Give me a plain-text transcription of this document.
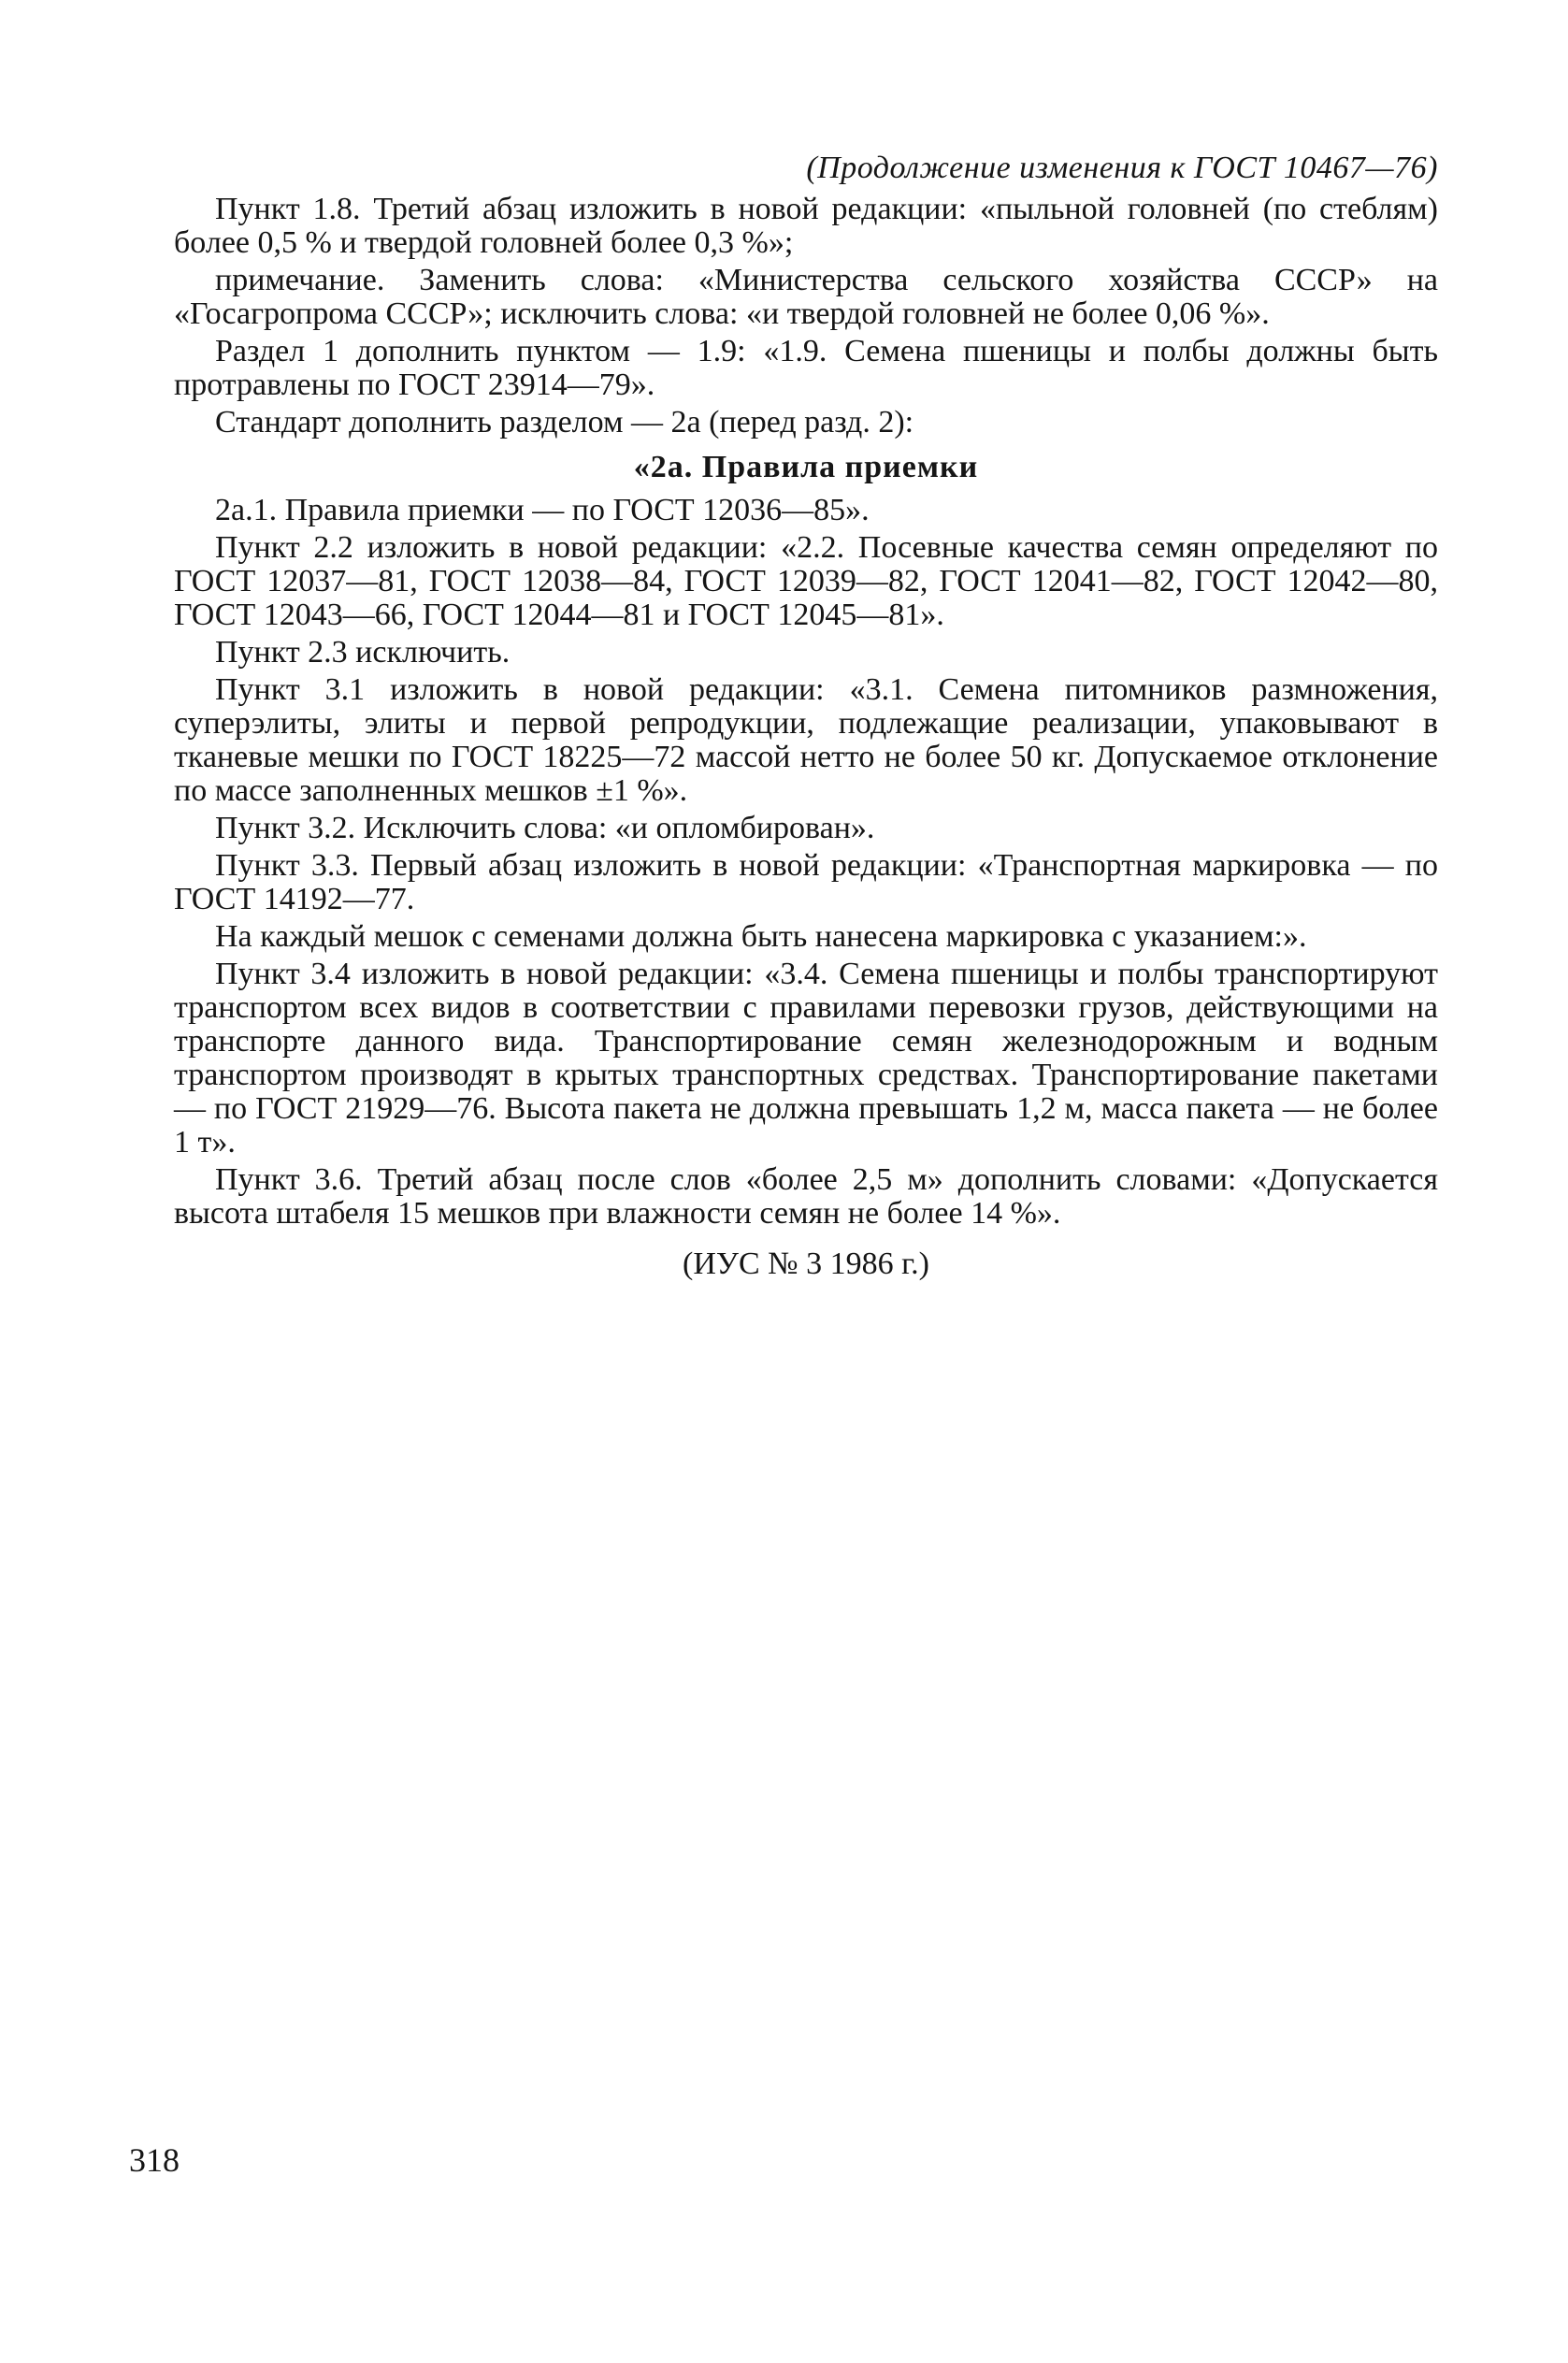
(Продолжение изменения к ГОСТ 10467—76)

Пункт 1.8. Третий абзац изложить в новой редакции: «пыльной головней (по стеблям) более 0,5 % и твердой головней более 0,3 %»;

примечание. Заменить слова: «Министерства сельского хозяйства СССР» на «Госагропрома СССР»; исключить слова: «и твердой головней не более 0,06 %».

Раздел 1 дополнить пунктом — 1.9: «1.9. Семена пшеницы и полбы должны быть протравлены по ГОСТ 23914—79».

Стандарт дополнить разделом — 2а (перед разд. 2):

«2а. Правила приемки

2а.1. Правила приемки — по ГОСТ 12036—85».

Пункт 2.2 изложить в новой редакции: «2.2. Посевные качества семян определяют по ГОСТ 12037—81, ГОСТ 12038—84, ГОСТ 12039—82, ГОСТ 12041—82, ГОСТ 12042—80, ГОСТ 12043—66, ГОСТ 12044—81 и ГОСТ 12045—81».

Пункт 2.3 исключить.

Пункт 3.1 изложить в новой редакции: «3.1. Семена питомников размножения, суперэлиты, элиты и первой репродукции, подлежащие реализации, упаковывают в тканевые мешки по ГОСТ 18225—72 массой нетто не более 50 кг. Допускаемое отклонение по массе заполненных мешков ±1 %».

Пункт 3.2. Исключить слова: «и опломбирован».

Пункт 3.3. Первый абзац изложить в новой редакции: «Транспортная маркировка — по ГОСТ 14192—77.

На каждый мешок с семенами должна быть нанесена маркировка с указанием:».

Пункт 3.4 изложить в новой редакции: «3.4. Семена пшеницы и полбы транспортируют транспортом всех видов в соответствии с правилами перевозки грузов, действующими на транспорте данного вида. Транспортирование семян железнодорожным и водным транспортом производят в крытых транспортных средствах. Транспортирование пакетами — по ГОСТ 21929—76. Высота пакета не должна превышать 1,2 м, масса пакета — не более 1 т».

Пункт 3.6. Третий абзац после слов «более 2,5 м» дополнить словами: «Допускается высота штабеля 15 мешков при влажности семян не более 14 %».

(ИУС № 3 1986 г.)
318
